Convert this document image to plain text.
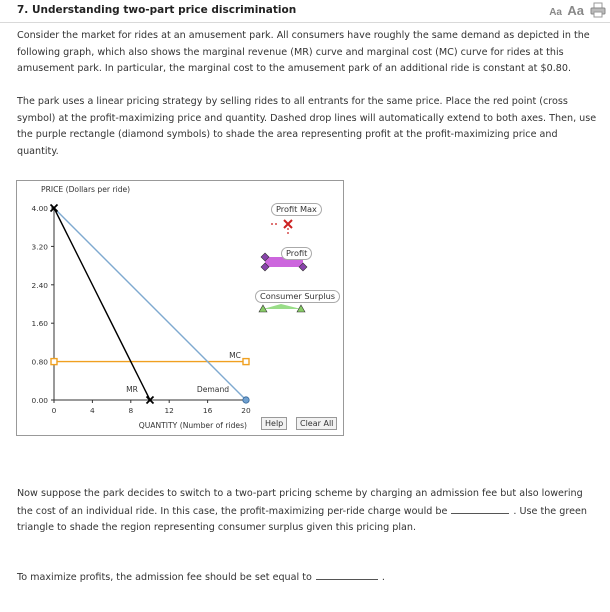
7. Understanding two-part price discrimination	Aa Aa
Consider the market for rides at an amusement park. All consumers have roughly the same demand as depicted in the following graph, which also shows the marginal revenue (MR) curve and marginal cost (MC) curve for rides at this amusement park. In particular, the marginal cost to the amusement park of an additional ride is constant at $0.80.
The park uses a linear pricing strategy by selling rides to all entrants for the same price. Place the red point (cross symbol) at the profit-maximizing price and quantity. Dashed drop lines will automatically extend to both axes. Then, use the purple rectangle (diamond symbols) to shade the area representing profit at the profit-maximizing price and quantity.
PRICE (Dollars per ride)
QUANTITY (Number of rides)
0.00
0.80
1.60
2.40
3.20
4.00
0	4	8	12	16	20
MC
MR	Demand
Profit Max
Profit
Consumer Surplus
Help	Clear All
Now suppose the park decides to switch to a two-part pricing scheme by charging an admission fee but also lowering the cost of an individual ride. In this case, the profit-maximizing per-ride charge would be	. Use the green triangle to shade the region representing consumer surplus given this pricing plan.
To maximize profits, the admission fee should be set equal to	.
